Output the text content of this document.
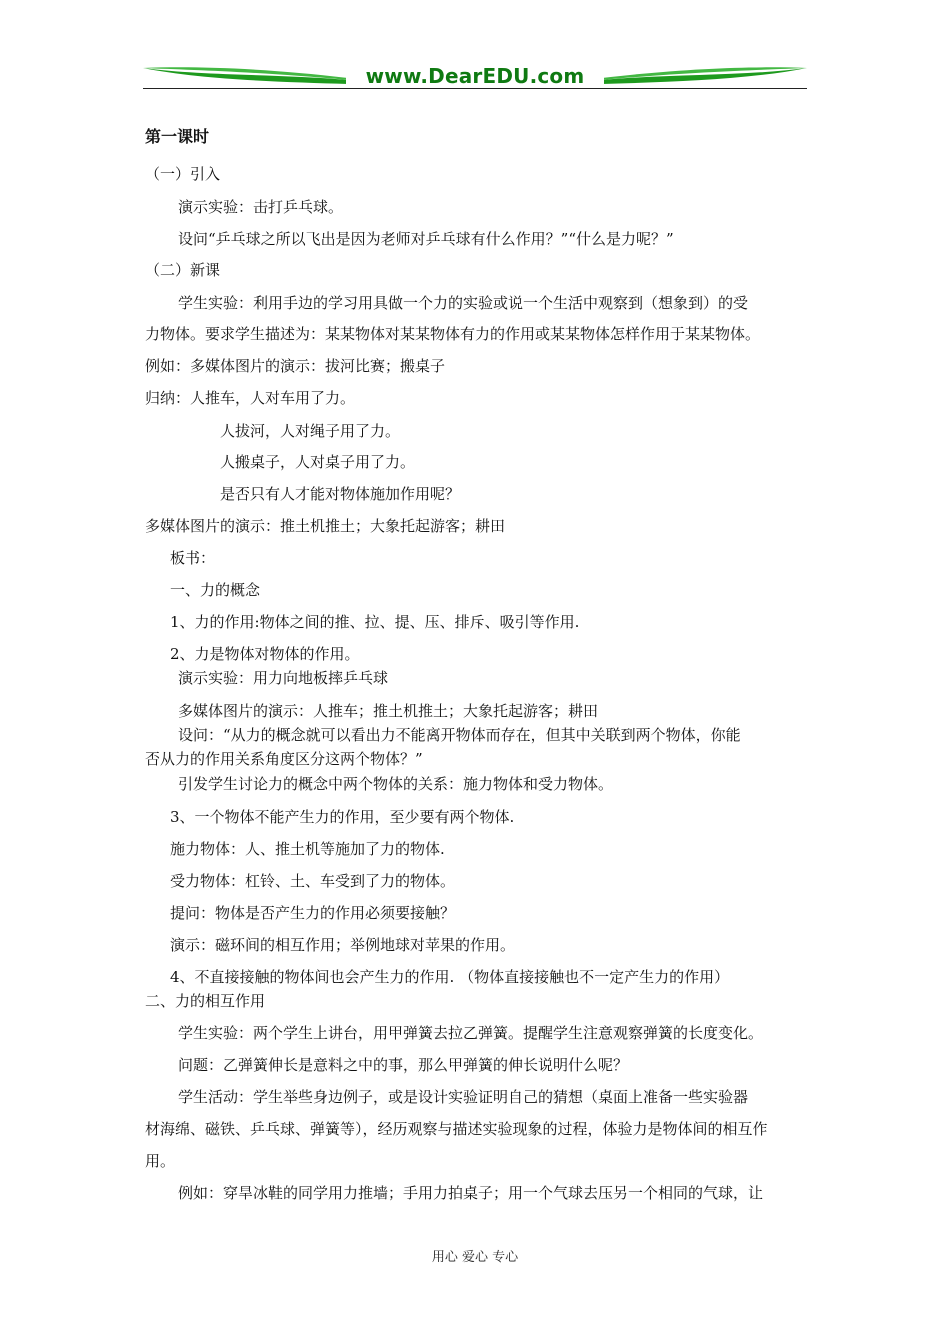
www.DearEDU.com
第一课时

（一）引入

演示实验：击打乒乓球。

设问“乒乓球之所以飞出是因为老师对乒乓球有什么作用？”“什么是力呢？”

（二）新课

学生实验：利用手边的学习用具做一个力的实验或说一个生活中观察到（想象到）的受

力物体。要求学生描述为：某某物体对某某物体有力的作用或某某物体怎样作用于某某物体。

例如：多媒体图片的演示：拔河比赛；搬桌子

归纳：人推车，人对车用了力。

人拔河，人对绳子用了力。

人搬桌子，人对桌子用了力。

是否只有人才能对物体施加作用呢？

多媒体图片的演示：推土机推土；大象托起游客；耕田

板书：

一、力的概念

1、力的作用:物体之间的推、拉、提、压、排斥、吸引等作用.

2、力是物体对物体的作用。

演示实验：用力向地板摔乒乓球

多媒体图片的演示：人推车；推土机推土；大象托起游客；耕田

设问：“从力的概念就可以看出力不能离开物体而存在，但其中关联到两个物体，你能

否从力的作用关系角度区分这两个物体？”

引发学生讨论力的概念中两个物体的关系：施力物体和受力物体。

3、一个物体不能产生力的作用，至少要有两个物体.

施力物体：人、推土机等施加了力的物体.

受力物体：杠铃、土、车受到了力的物体。

提问：物体是否产生力的作用必须要接触？

演示：磁环间的相互作用；举例地球对苹果的作用。

4、不直接接触的物体间也会产生力的作用. （物体直接接触也不一定产生力的作用）

二、力的相互作用

学生实验：两个学生上讲台，用甲弹簧去拉乙弹簧。提醒学生注意观察弹簧的长度变化。

问题：乙弹簧伸长是意料之中的事，那么甲弹簧的伸长说明什么呢？

学生活动：学生举些身边例子，或是设计实验证明自己的猜想（桌面上准备一些实验器

材海绵、磁铁、乒乓球、弹簧等），经历观察与描述实验现象的过程，体验力是物体间的相互作

用。

例如：穿旱冰鞋的同学用力推墙；手用力拍桌子；用一个气球去压另一个相同的气球，让

用心 爱心 专心
